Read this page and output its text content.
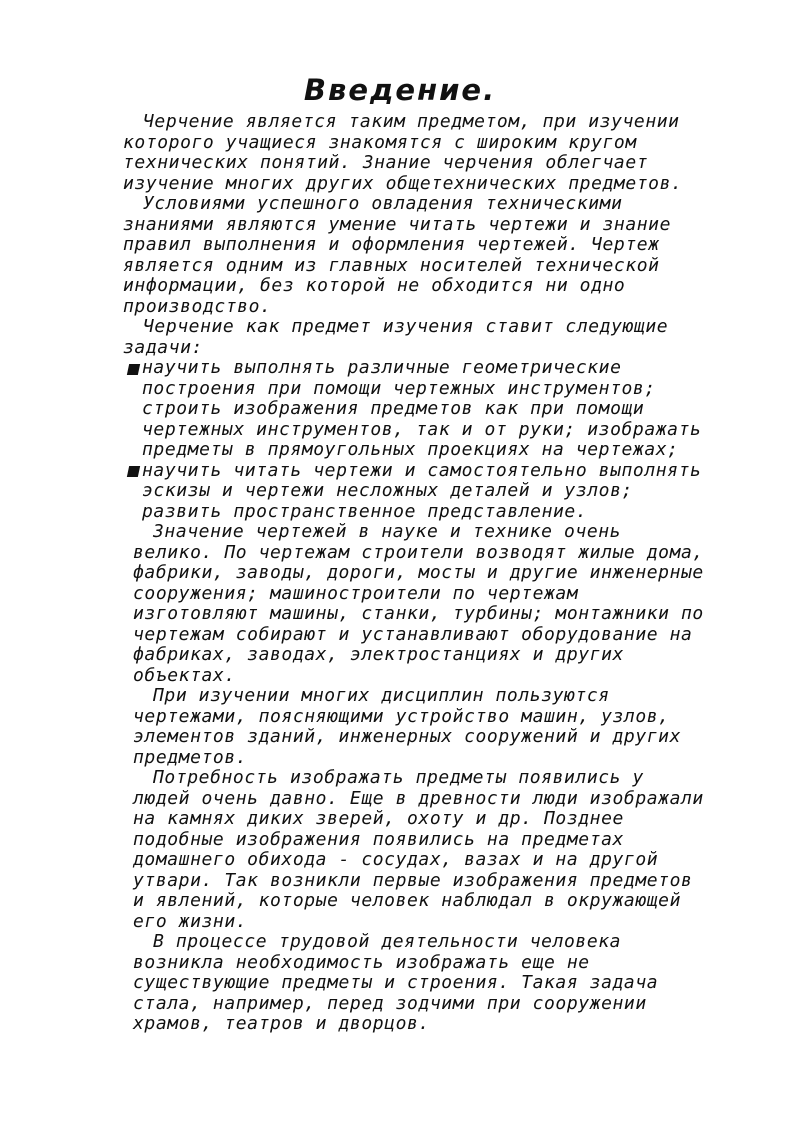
Введение.
Черчение является таким предметом, при изучении
которого учащиеся знакомятся с широким кругом
технических понятий. Знание черчения облегчает
изучение многих других общетехнических предметов.
Условиями успешного овладения техническими
знаниями являются умение читать чертежи и знание
правил выполнения и оформления чертежей. Чертеж
является одним из главных носителей технической
информации, без которой не обходится ни одно
производство.
Черчение как предмет изучения ставит следующие
задачи:
научить выполнять различные геометрические
построения при помощи чертежных инструментов;
строить изображения предметов как при помощи
чертежных инструментов, так и от руки; изображать
предметы в прямоугольных проекциях на чертежах;
научить читать чертежи и самостоятельно выполнять
эскизы и чертежи несложных деталей и узлов;
развить пространственное представление.
Значение чертежей в науке и технике очень
велико. По чертежам строители возводят жилые дома,
фабрики, заводы, дороги, мосты и другие инженерные
сооружения; машиностроители по чертежам
изготовляют машины, станки, турбины; монтажники по
чертежам собирают и устанавливают оборудование на
фабриках, заводах, электростанциях и других
объектах.
При изучении многих дисциплин пользуются
чертежами, поясняющими устройство машин, узлов,
элементов зданий, инженерных сооружений и других
предметов.
Потребность изображать предметы появились у
людей очень давно. Еще в древности люди изображали
на камнях диких зверей, охоту и др. Позднее
подобные изображения появились на предметах
домашнего обихода - сосудах, вазах и на другой
утвари. Так возникли первые изображения предметов
и явлений, которые человек наблюдал в окружающей
его жизни.
В процессе трудовой деятельности человека
возникла необходимость изображать еще не
существующие предметы и строения. Такая задача
стала, например, перед зодчими при сооружении
храмов, театров и дворцов.
